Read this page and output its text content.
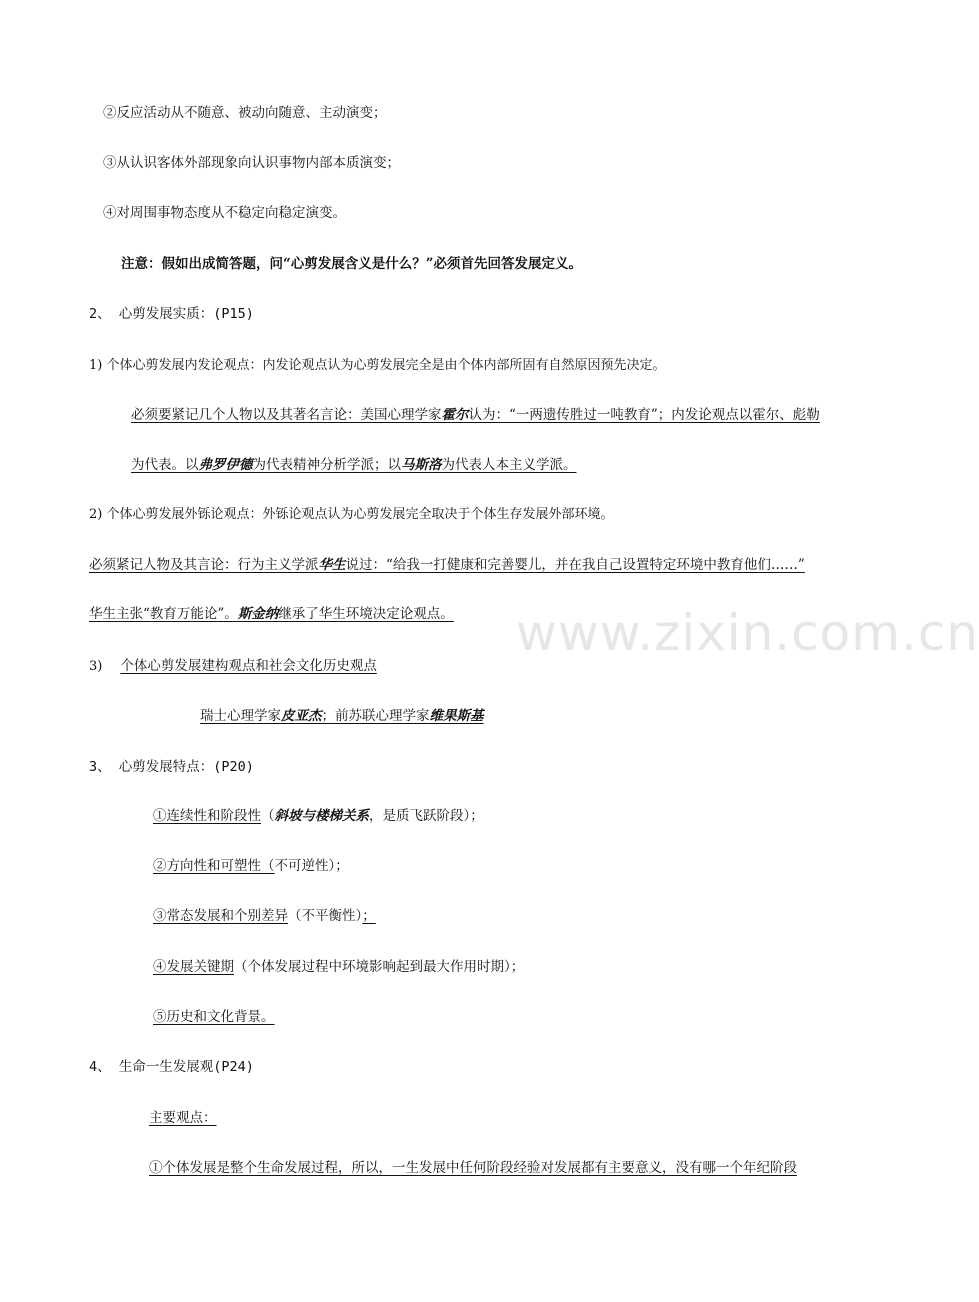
www.zixin.com.cn
②反应活动从不随意、被动向随意、主动演变；
③从认识客体外部现象向认识事物内部本质演变；
④对周围事物态度从不稳定向稳定演变。
注意：假如出成简答题，问“心剪发展含义是什么？”必须首先回答发展定义。
2、 心剪发展实质：(P15)
1) 个体心剪发展内发论观点：内发论观点认为心剪发展完全是由个体内部所固有自然原因预先决定。
必须要紧记几个人物以及其著名言论：美国心理学家霍尔认为：“一两遗传胜过一吨教育”；内发论观点以霍尔、彪勒
为代表。以弗罗伊德为代表精神分析学派；以马斯洛为代表人本主义学派。
2) 个体心剪发展外铄论观点：外铄论观点认为心剪发展完全取决于个体生存发展外部环境。
必须紧记人物及其言论：行为主义学派华生说过：“给我一打健康和完善婴儿，并在我自己设置特定环境中教育他们……”
华生主张“教育万能论”。斯金纳继承了华生环境决定论观点。
3) 个体心剪发展建构观点和社会文化历史观点
瑞士心理学家皮亚杰；前苏联心理学家维果斯基
3、 心剪发展特点：(P20)
①连续性和阶段性（斜坡与楼梯关系，是质飞跃阶段）；
②方向性和可塑性（不可逆性）；
③常态发展和个别差异（不平衡性）；
④发展关键期（个体发展过程中环境影响起到最大作用时期）；
⑤历史和文化背景。
4、 生命一生发展观(P24)
主要观点：
①个体发展是整个生命发展过程，所以，一生发展中任何阶段经验对发展都有主要意义，没有哪一个年纪阶段
